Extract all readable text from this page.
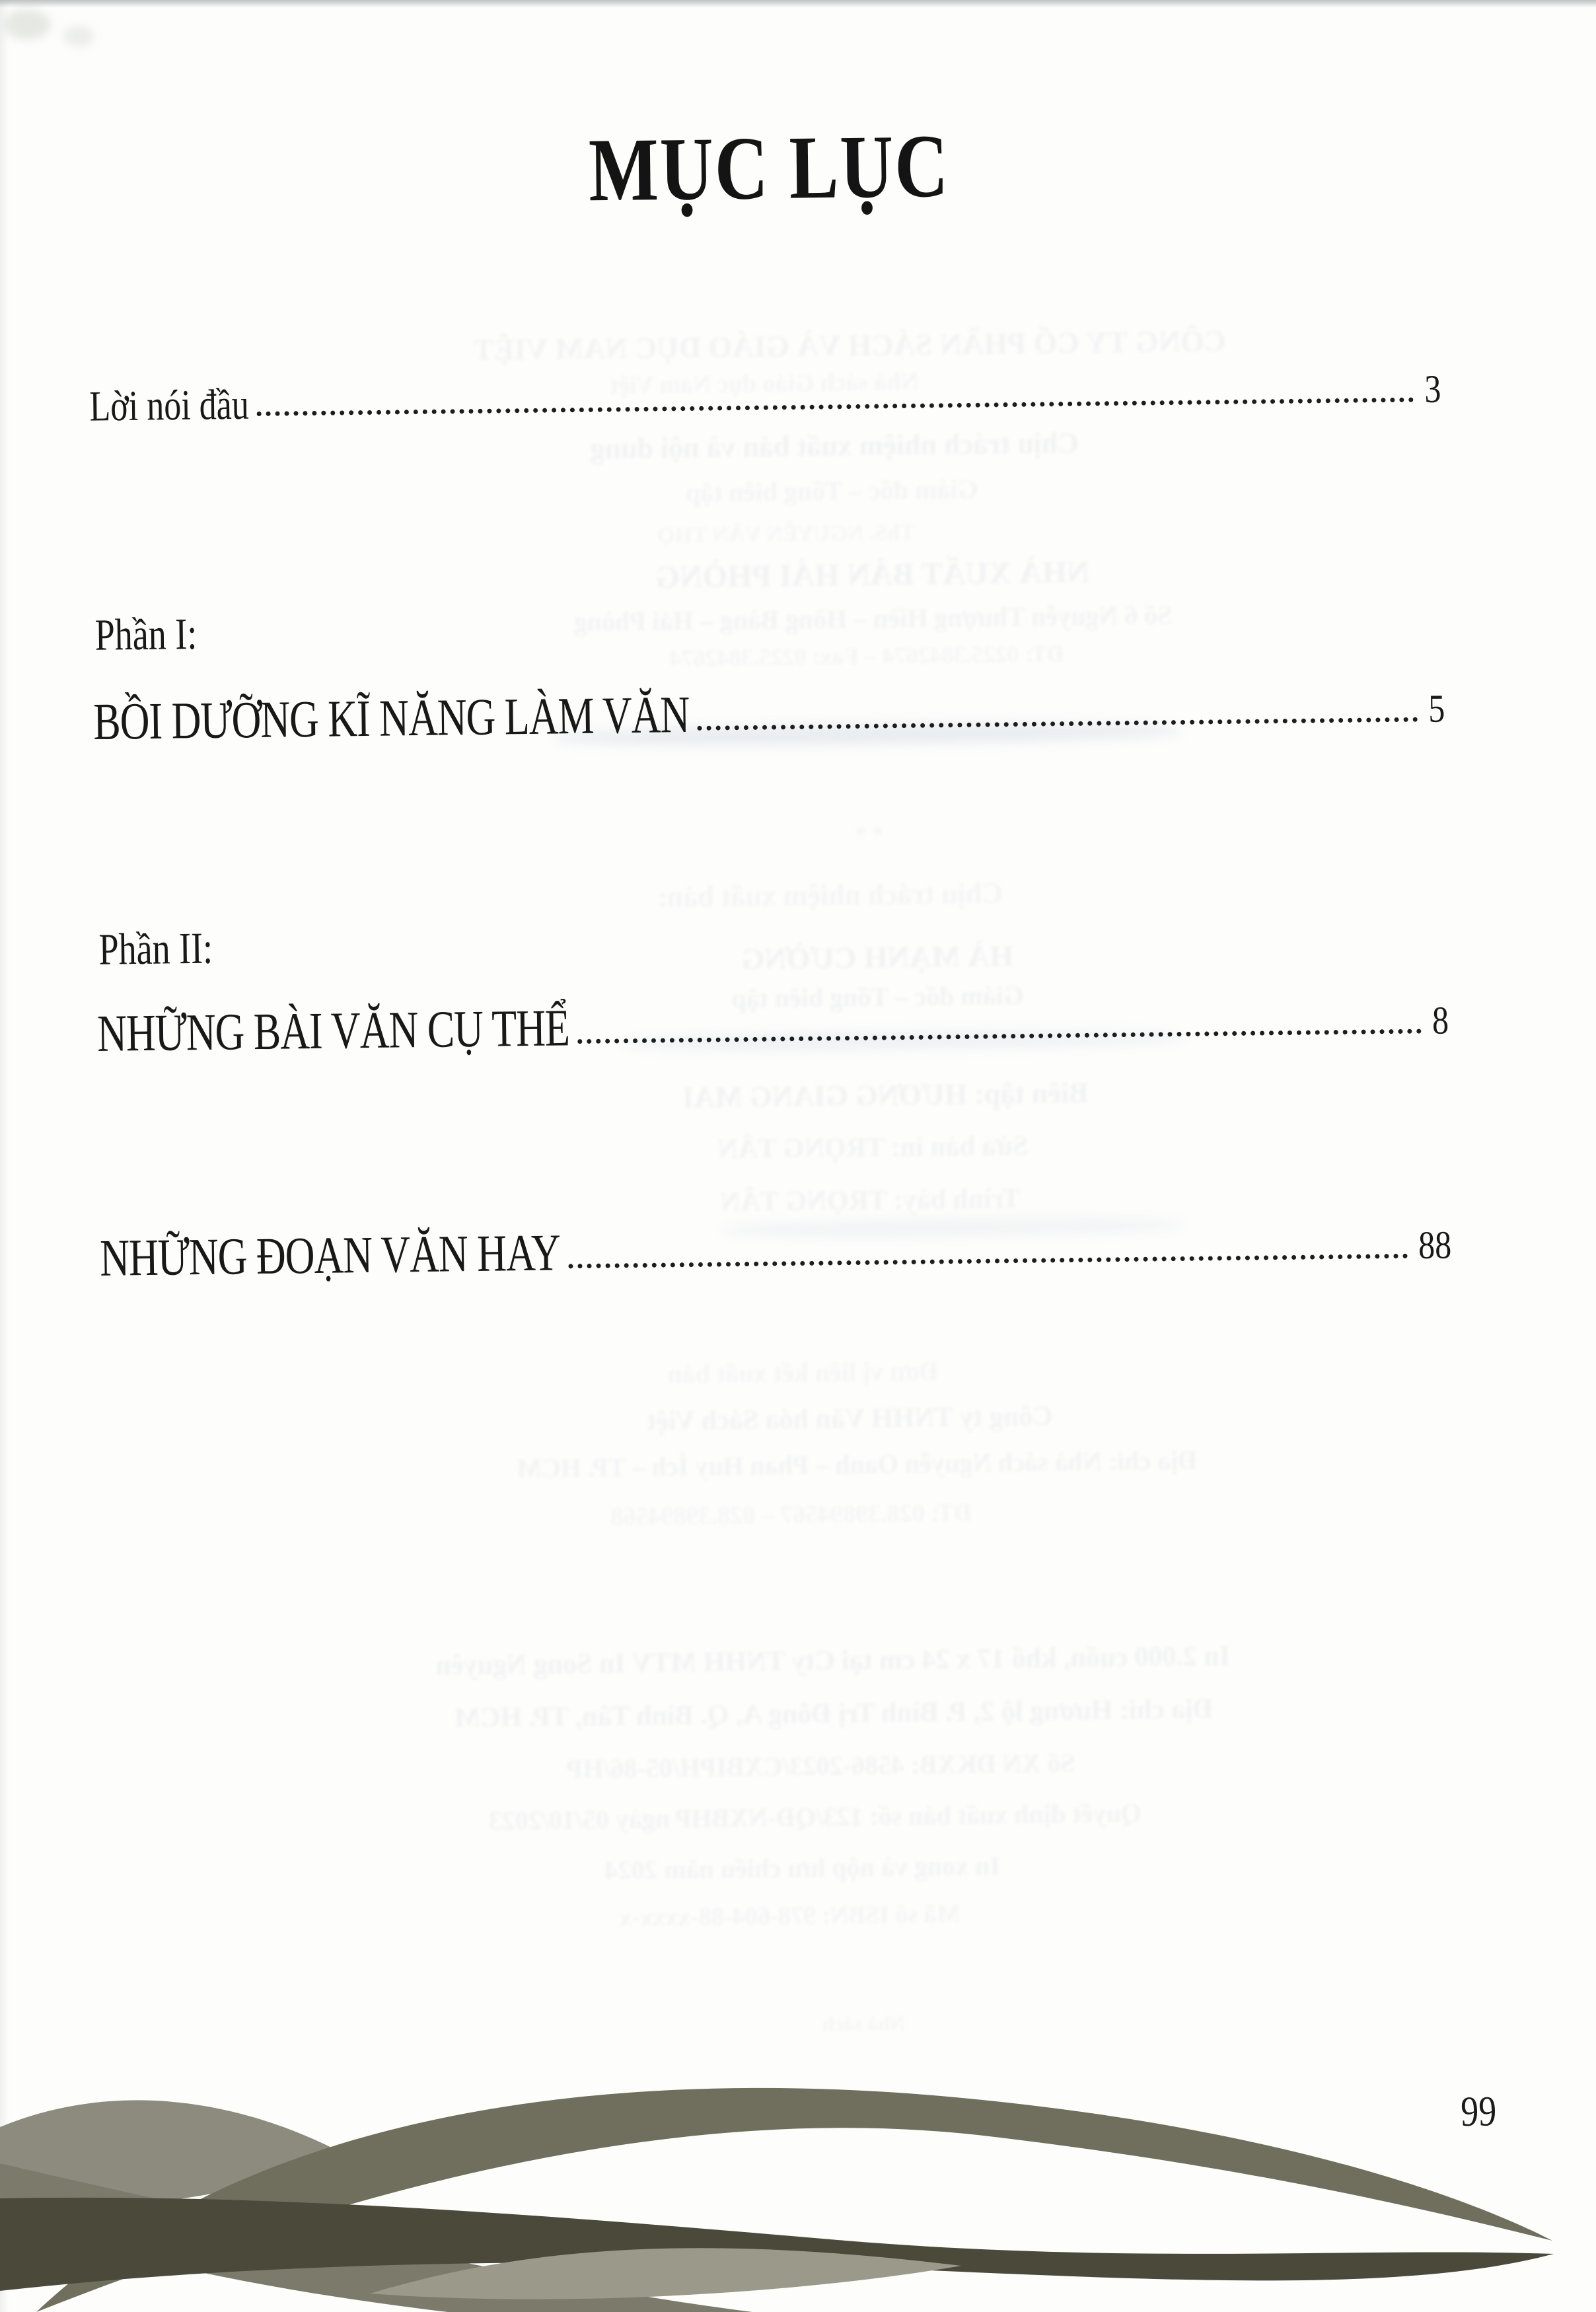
CÔNG TY CỔ PHẦN SÁCH VÀ GIÁO DỤC NAM VIỆT
Chịu trách nhiệm xuất bản và nội dung
NHÀ XUẤT BẢN HẢI PHÒNG
Số 6 Nguyễn Thượng Hiền – Hồng Bàng – Hải Phòng
HÀ MẠNH CƯỜNG
Giám đốc – Tổng biên tập
Biên tập: HƯƠNG GIANG MAI
Sửa bản in: TRỌNG TÂN
Trình bày: TRỌNG TÂN
Công ty TNHH Văn hóa Sách Việt
Địa chỉ: Nhà sách Nguyễn Oanh – Phan Huy Ích – TP. HCM
In 2.000 cuốn, khổ 17 x 24 cm tại Cty TNHH MTV In Song Nguyên
Địa chỉ: Hương lộ 2, P. Bình Trị Đông A, Q. Bình Tân, TP. HCM
Số XN ĐKXB: 4586-2023/CXBIPH/05-86/HP
Quyết định xuất bản số: 123/QĐ-NXBHP ngày 05/10/2023
In xong và nộp lưu chiểu năm 2024
MỤC LỤC
Lời nói đầu	3
Phần I:
BỒI DƯỠNG KĨ NĂNG LÀM VĂN	5
Phần II:
NHỮNG BÀI VĂN CỤ THỂ	8
NHỮNG ĐOẠN VĂN HAY	88
99
